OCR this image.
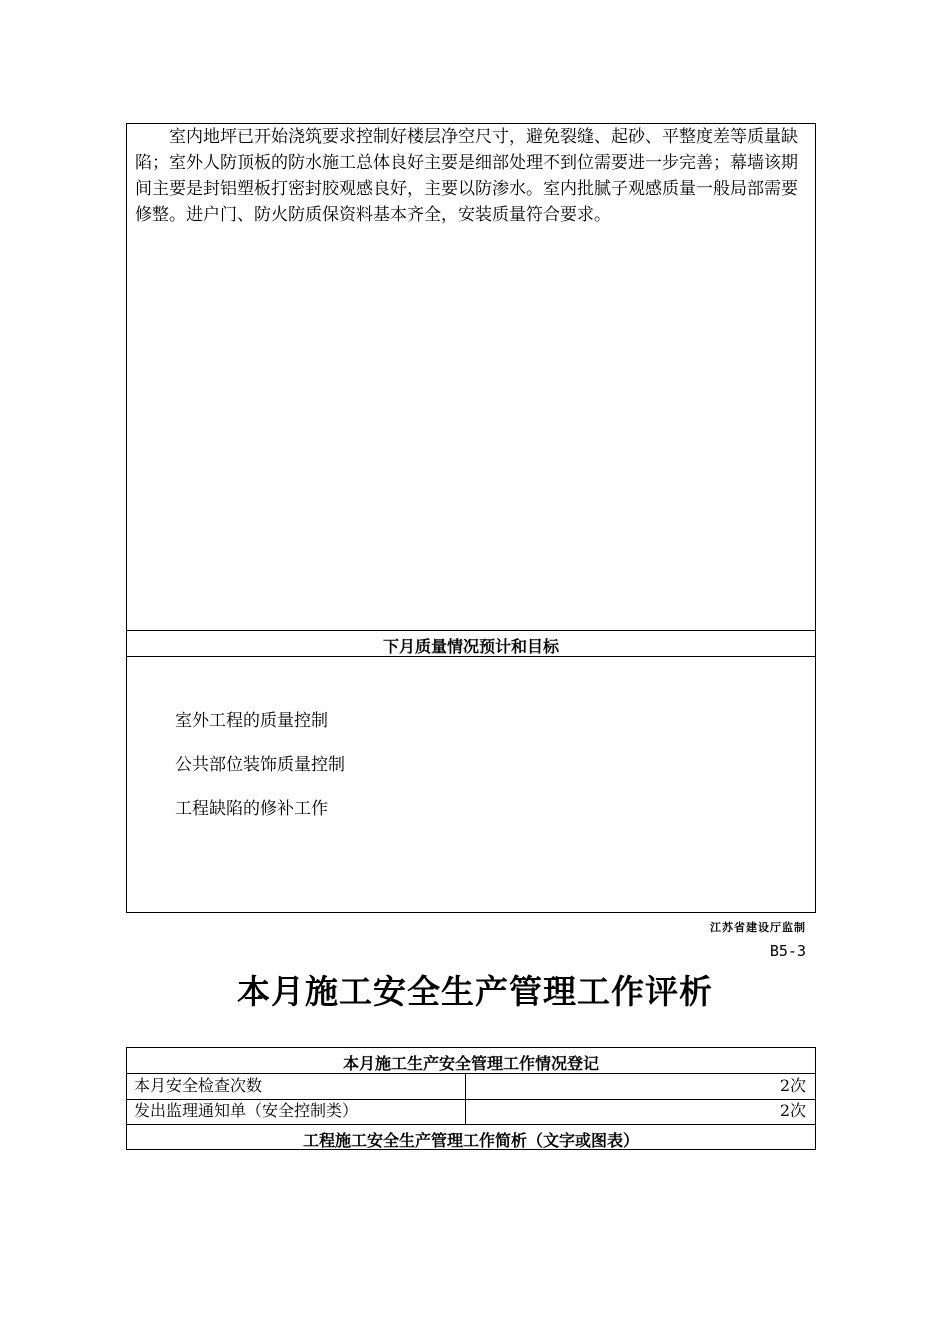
室内地坪已开始浇筑要求控制好楼层净空尺寸，避免裂缝、起砂、平整度差等质量缺陷；室外人防顶板的防水施工总体良好主要是细部处理不到位需要进一步完善；幕墙该期间主要是封铝塑板打密封胶观感良好，主要以防渗水。室内批腻子观感质量一般局部需要修整。进户门、防火防质保资料基本齐全，安装质量符合要求。

下月质量情况预计和目标

室外工程的质量控制

公共部位装饰质量控制

工程缺陷的修补工作

江苏省建设厅监制
B5-3
本月施工安全生产管理工作评析
本月施工生产安全管理工作情况登记
本月安全检查次数	2次
发出监理通知单（安全控制类）	2次
工程施工安全生产管理工作简析（文字或图表）
